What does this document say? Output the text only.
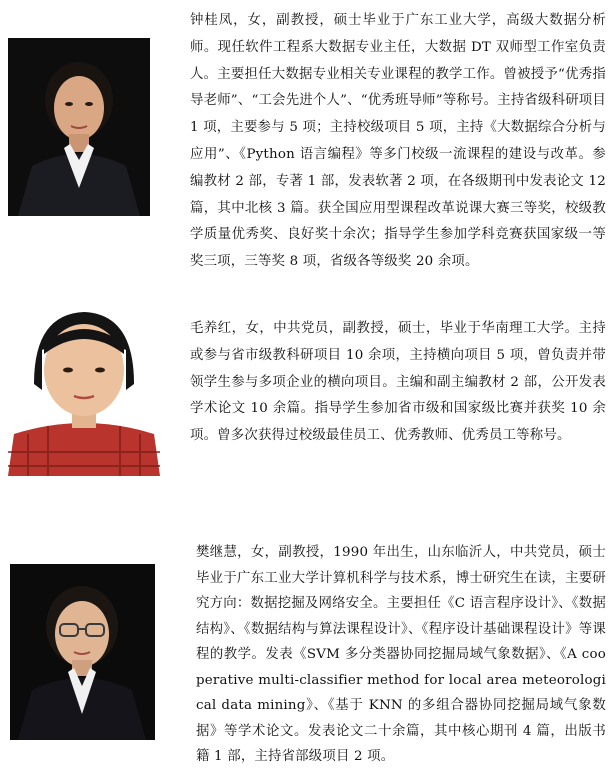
钟桂凤，女，副教授，硕士毕业于广东工业大学，高级大数据分析师。现任软件工程系大数据专业主任，大数据 DT 双师型工作室负责人。主要担任大数据专业相关专业课程的教学工作。曾被授予“优秀指导老师”、“工会先进个人”、“优秀班导师”等称号。主持省级科研项目 1 项，主要参与 5 项；主持校级项目 5 项，主持《大数据综合分析与应用”、《Python 语言编程》等多门校级一流课程的建设与改革。参编教材 2 部，专著 1 部，发表软著 2 项，在各级期刊中发表论文 12 篇，其中北核 3 篇。获全国应用型课程改革说课大赛三等奖，校级教学质量优秀奖、良好奖十余次；指导学生参加学科竞赛获国家级一等奖三项，三等奖 8 项，省级各等级奖 20 余项。

毛养红，女，中共党员，副教授，硕士，毕业于华南理工大学。主持或参与省市级教科研项目 10 余项，主持横向项目 5 项，曾负责并带领学生参与多项企业的横向项目。主编和副主编教材 2 部，公开发表学术论文 10 余篇。指导学生参加省市级和国家级比赛并获奖 10 余项。曾多次获得过校级最佳员工、优秀教师、优秀员工等称号。

樊继慧，女，副教授，1990 年出生，山东临沂人，中共党员，硕士毕业于广东工业大学计算机科学与技术系，博士研究生在读，主要研究方向：数据挖掘及网络安全。主要担任《C 语言程序设计》、《数据结构》、《数据结构与算法课程设计》、《程序设计基础课程设计》等课程的教学。发表《SVM 多分类器协同挖掘局域气象数据》、《A cooperative multi-classifier method for local area meteorological data mining》、《基于 KNN 的多组合器协同挖掘局域气象数据》等学术论文。发表论文二十余篇，其中核心期刊 4 篇，出版书籍 1 部，主持省部级项目 2 项。
